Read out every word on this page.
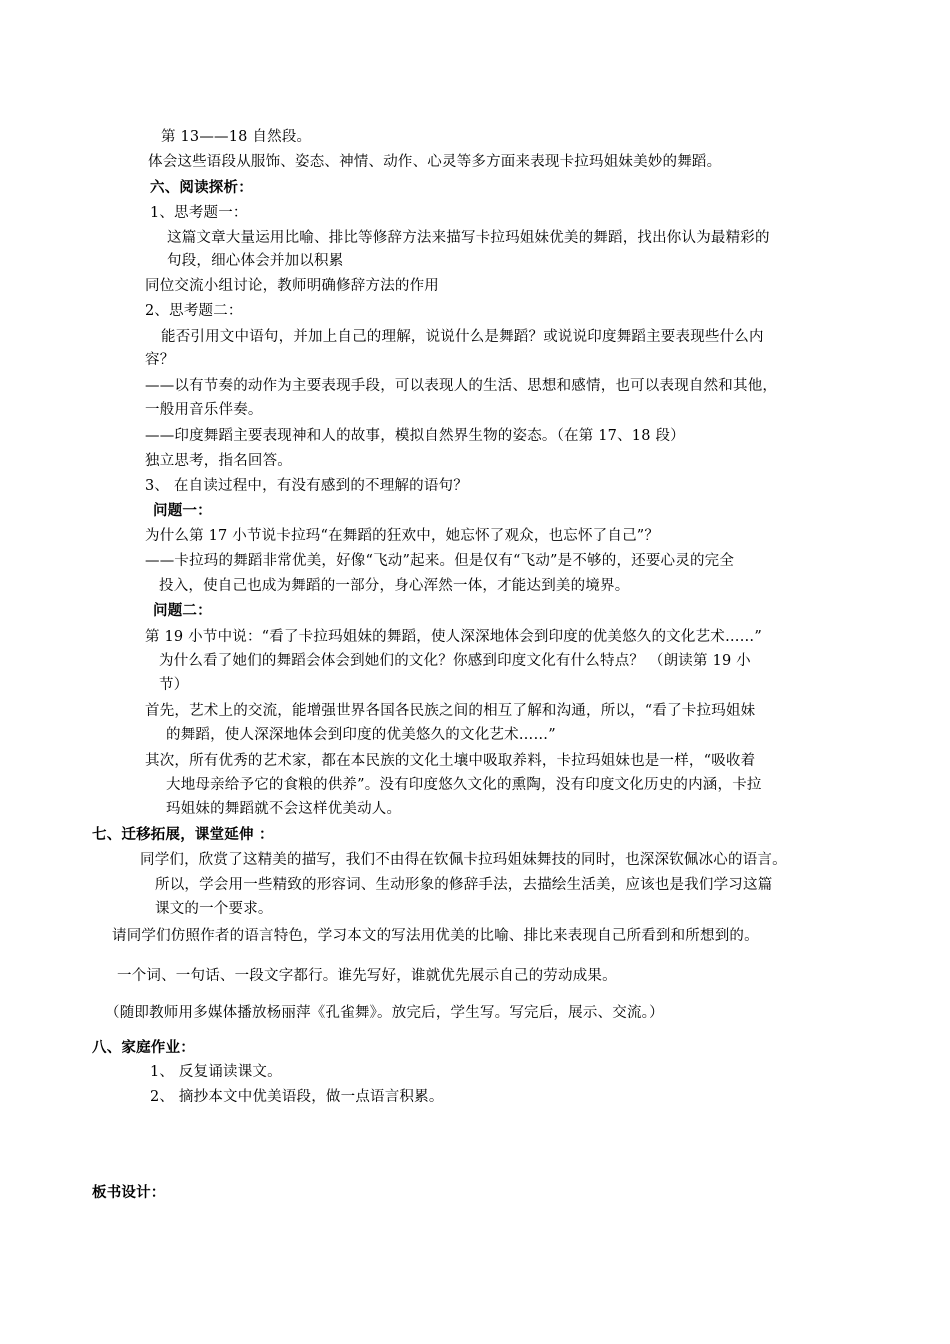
第 13——18 自然段。
体会这些语段从服饰、姿态、神情、动作、心灵等多方面来表现卡拉玛姐妹美妙的舞蹈。
六、阅读探析：
1、思考题一：
这篇文章大量运用比喻、排比等修辞方法来描写卡拉玛姐妹优美的舞蹈，找出你认为最精彩的
句段，细心体会并加以积累
同位交流小组讨论，教师明确修辞方法的作用
2、思考题二：
能否引用文中语句，并加上自己的理解，说说什么是舞蹈？或说说印度舞蹈主要表现些什么内
容？
——以有节奏的动作为主要表现手段，可以表现人的生活、思想和感情，也可以表现自然和其他，
一般用音乐伴奏。
——印度舞蹈主要表现神和人的故事，模拟自然界生物的姿态。（在第 17、18 段）
独立思考，指名回答。
3、 在自读过程中，有没有感到的不理解的语句？
问题一：
为什么第 17 小节说卡拉玛“在舞蹈的狂欢中，她忘怀了观众，也忘怀了自己”？
——卡拉玛的舞蹈非常优美，好像“飞动”起来。但是仅有“飞动”是不够的，还要心灵的完全
投入，使自己也成为舞蹈的一部分，身心浑然一体，才能达到美的境界。
问题二：
第 19 小节中说：“看了卡拉玛姐妹的舞蹈，使人深深地体会到印度的优美悠久的文化艺术……”
为什么看了她们的舞蹈会体会到她们的文化？你感到印度文化有什么特点？ （朗读第 19 小
节）
首先，艺术上的交流，能增强世界各国各民族之间的相互了解和沟通，所以，“看了卡拉玛姐妹
的舞蹈，使人深深地体会到印度的优美悠久的文化艺术……”
其次，所有优秀的艺术家，都在本民族的文化土壤中吸取养料，卡拉玛姐妹也是一样，“吸收着
大地母亲给予它的食粮的供养”。没有印度悠久文化的熏陶，没有印度文化历史的内涵，卡拉
玛姐妹的舞蹈就不会这样优美动人。
七、迁移拓展，课堂延伸 ：
同学们，欣赏了这精美的描写，我们不由得在钦佩卡拉玛姐妹舞技的同时，也深深钦佩冰心的语言。
所以，学会用一些精致的形容词、生动形象的修辞手法，去描绘生活美，应该也是我们学习这篇
课文的一个要求。
请同学们仿照作者的语言特色，学习本文的写法用优美的比喻、排比来表现自己所看到和所想到的。
一个词、一句话、一段文字都行。谁先写好，谁就优先展示自己的劳动成果。
（随即教师用多媒体播放杨丽萍《孔雀舞》。放完后，学生写。写完后，展示、交流。）
八、家庭作业：
1、 反复诵读课文。
2、 摘抄本文中优美语段，做一点语言积累。
板书设计：
